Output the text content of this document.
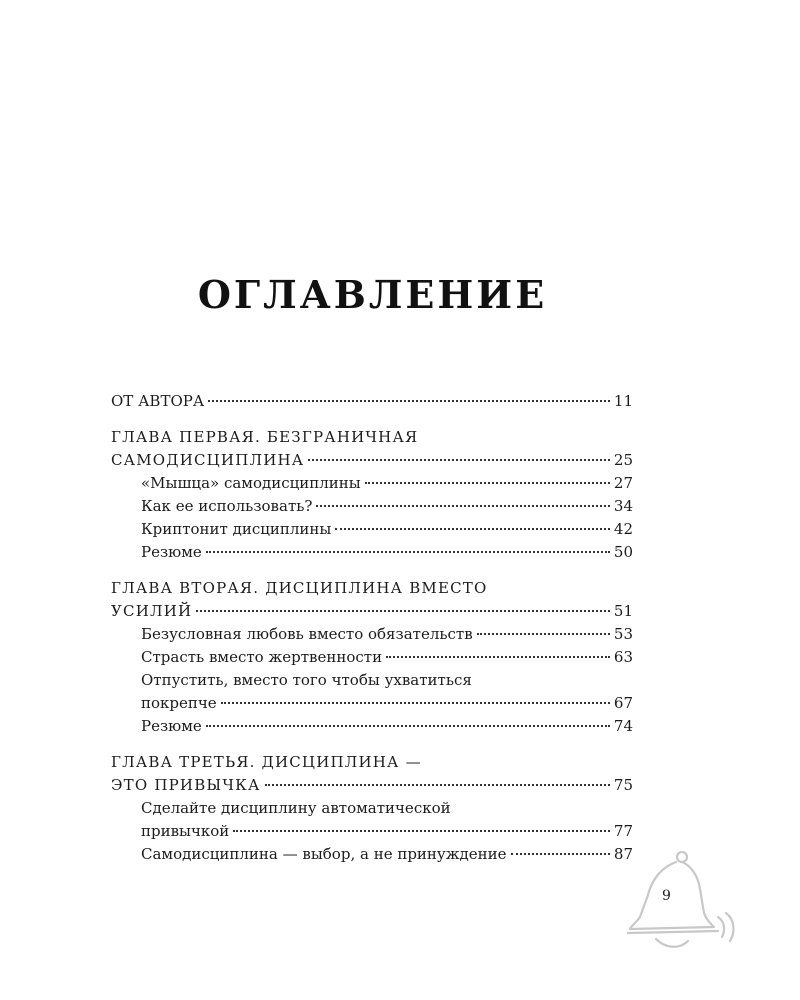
ОГЛАВЛЕНИЕ
ОТ АВТОРА	11
ГЛАВА ПЕРВАЯ. БЕЗГРАНИЧНАЯ
САМОДИСЦИПЛИНА	25
«Мышца» самодисциплины	27
Как ее использовать?	34
Криптонит дисциплины	42
Резюме	50
ГЛАВА ВТОРАЯ. ДИСЦИПЛИНА ВМЕСТО
УСИЛИЙ	51
Безусловная любовь вместо обязательств	53
Страсть вместо жертвенности	63
Отпустить, вместо того чтобы ухватиться
покрепче	67
Резюме	74
ГЛАВА ТРЕТЬЯ. ДИСЦИПЛИНА —
ЭТО ПРИВЫЧКА	75
Сделайте дисциплину автоматической
привычкой	77
Самодисциплина — выбор, а не принуждение	87
9
